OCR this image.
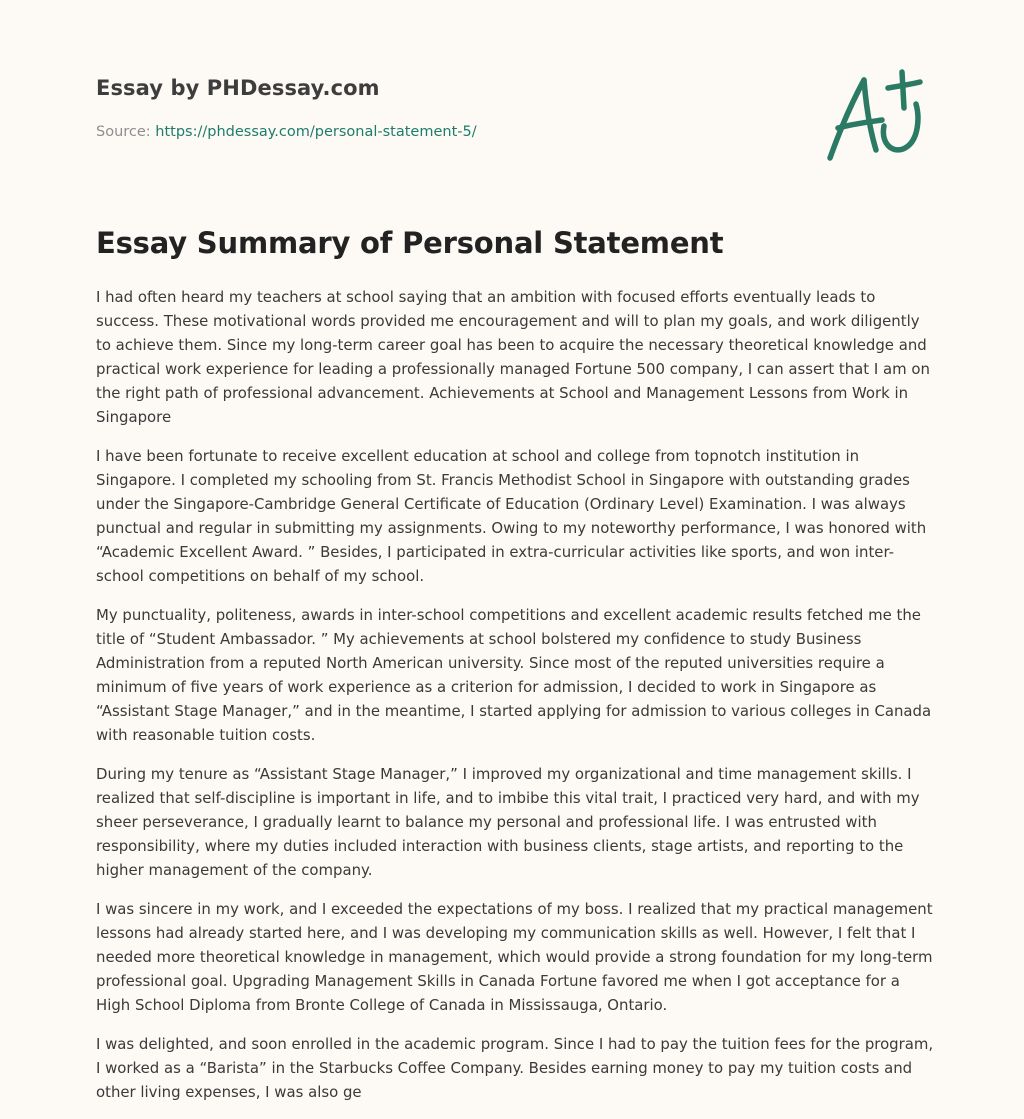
Essay by PHDessay.com
Source: https://phdessay.com/personal-statement-5/
Essay Summary of Personal Statement

I had often heard my teachers at school saying that an ambition with focused efforts eventually leads to success. These motivational words provided me encouragement and will to plan my goals, and work diligently to achieve them. Since my long-term career goal has been to acquire the necessary theoretical knowledge and practical work experience for leading a professionally managed Fortune 500 company, I can assert that I am on the right path of professional advancement. Achievements at School and Management Lessons from Work in Singapore

I have been fortunate to receive excellent education at school and college from topnotch institution in Singapore. I completed my schooling from St. Francis Methodist School in Singapore with outstanding grades under the Singapore-Cambridge General Certificate of Education (Ordinary Level) Examination. I was always punctual and regular in submitting my assignments. Owing to my noteworthy performance, I was honored with “Academic Excellent Award. ” Besides, I participated in extra-curricular activities like sports, and won inter-school competitions on behalf of my school.

My punctuality, politeness, awards in inter-school competitions and excellent academic results fetched me the title of “Student Ambassador. ” My achievements at school bolstered my confidence to study Business Administration from a reputed North American university. Since most of the reputed universities require a minimum of five years of work experience as a criterion for admission, I decided to work in Singapore as “Assistant Stage Manager,” and in the meantime, I started applying for admission to various colleges in Canada with reasonable tuition costs.

During my tenure as “Assistant Stage Manager,” I improved my organizational and time management skills. I realized that self-discipline is important in life, and to imbibe this vital trait, I practiced very hard, and with my sheer perseverance, I gradually learnt to balance my personal and professional life. I was entrusted with responsibility, where my duties included interaction with business clients, stage artists, and reporting to the higher management of the company.

I was sincere in my work, and I exceeded the expectations of my boss. I realized that my practical management lessons had already started here, and I was developing my communication skills as well. However, I felt that I needed more theoretical knowledge in management, which would provide a strong foundation for my long-term professional goal. Upgrading Management Skills in Canada Fortune favored me when I got acceptance for a High School Diploma from Bronte College of Canada in Mississauga, Ontario.

I was delighted, and soon enrolled in the academic program. Since I had to pay the tuition fees for the program, I worked as a “Barista” in the Starbucks Coffee Company. Besides earning money to pay my tuition costs and other living expenses, I was also ge
